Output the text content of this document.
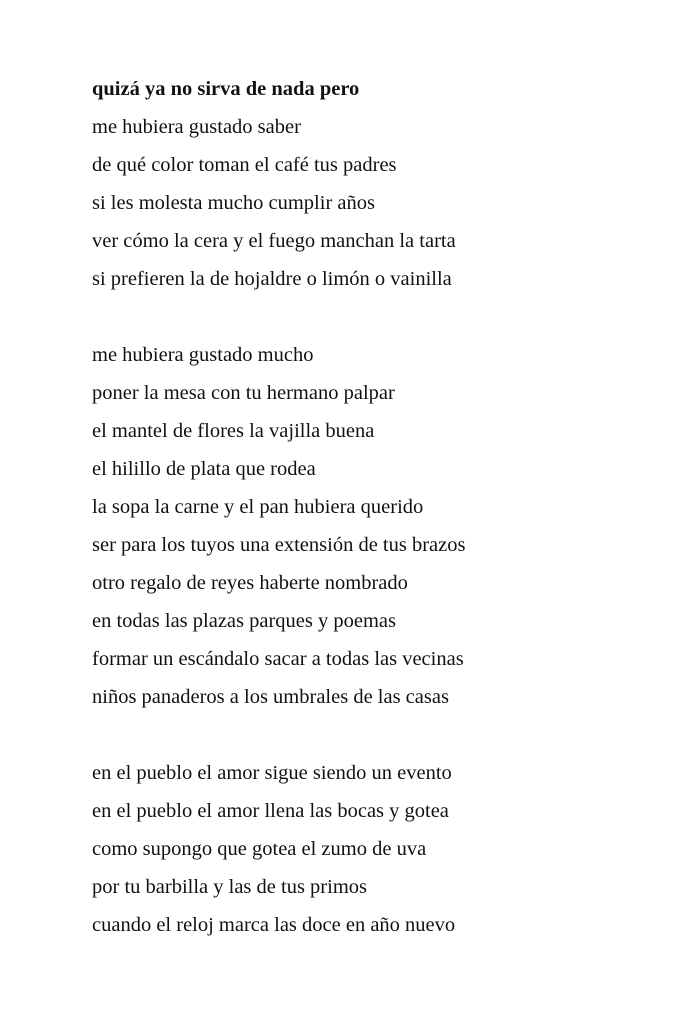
quizá ya no sirva de nada pero
me hubiera gustado saber
de qué color toman el café tus padres
si les molesta mucho cumplir años
ver cómo la cera y el fuego manchan la tarta
si prefieren la de hojaldre o limón o vainilla
me hubiera gustado mucho
poner la mesa con tu hermano palpar
el mantel de flores la vajilla buena
el hilillo de plata que rodea
la sopa la carne y el pan hubiera querido
ser para los tuyos una extensión de tus brazos
otro regalo de reyes haberte nombrado
en todas las plazas parques y poemas
formar un escándalo sacar a todas las vecinas
niños panaderos a los umbrales de las casas
en el pueblo el amor sigue siendo un evento
en el pueblo el amor llena las bocas y gotea
como supongo que gotea el zumo de uva
por tu barbilla y las de tus primos
cuando el reloj marca las doce en año nuevo
